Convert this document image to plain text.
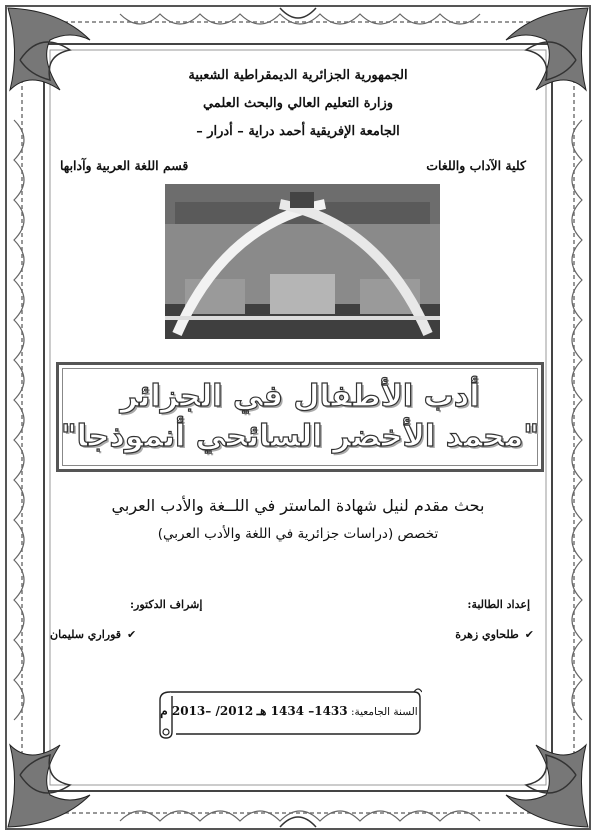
الجمهورية الجزائرية الديمقراطية الشعبية
وزارة التعليم العالي والبحث العلمي
الجامعة الإفريقية أحمد دراية – أدرار –
كلية الآداب واللغات
قسم اللغة العربية وآدابها
أدب الأطفال في الجزائر
"محمد الأخضر السائحي أنموذجا"
بحث مقدم لنيل شهادة الماستر في اللــغة والأدب العربي
تخصص (دراسات جزائرية في اللغة والأدب العربي)
إعداد الطالبة:
إشراف الدكتور:
✔طلحاوي زهرة
✔قوراري سليمان
السنة الجامعية: 1433– 1434 هـ 2012/ –2013 م
